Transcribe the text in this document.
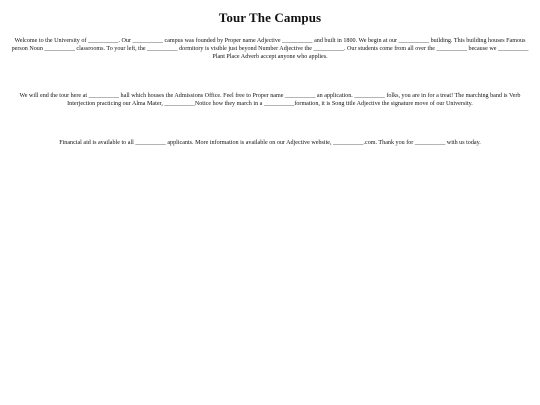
Tour The Campus

Welcome to the University of __________. Our __________ campus was founded by Proper name Adjective __________ and built in 1800. We begin at our __________ building. This building houses Famous person Noun __________ classrooms. To your left, the __________ dormitory is visible just beyond Number Adjective the __________. Our students come from all over the __________ because we __________ Plant Place Adverb accept anyone who applies.

We will end the tour here at __________ hall which houses the Admissions Office. Feel free to Proper name __________ an application. __________ folks, you are in for a treat! The marching band is Verb Interjection practicing our Alma Mater, __________Notice how they march in a __________formation, it is Song title Adjective the signature move of our University.

Financial aid is available to all __________ applicants. More information is available on our Adjective website, __________.com. Thank you for __________ with us today.
